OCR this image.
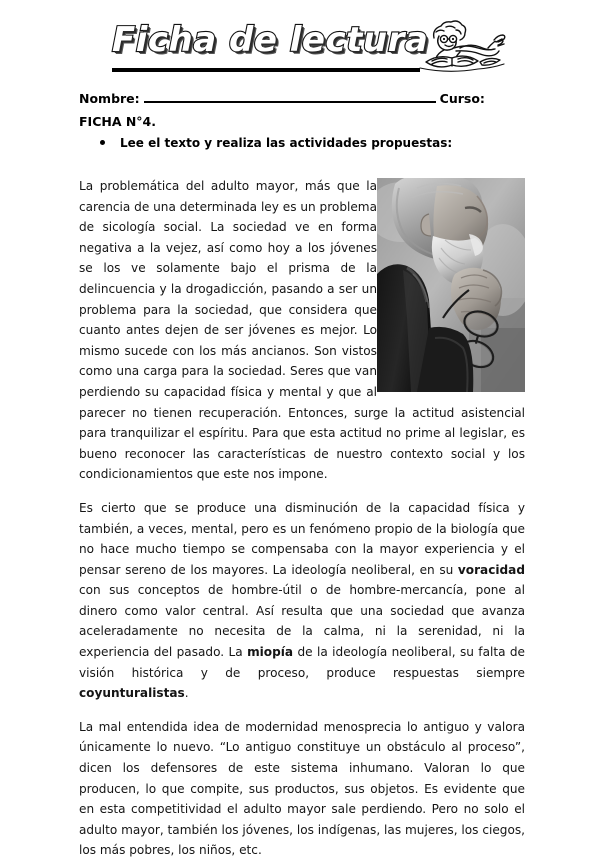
Ficha de lectura
Nombre:	Curso:
FICHA N°4.
Lee el texto y realiza las actividades propuestas:

La problemática del adulto mayor, más que la carencia de una determinada ley es un problema de sicología social. La sociedad ve en forma negativa a la vejez, así como hoy a los jóvenes se los ve solamente bajo el prisma de la delincuencia y la drogadicción, pasando a ser un problema para la sociedad, que considera que cuanto antes dejen de ser jóvenes es mejor. Lo mismo sucede con los más ancianos. Son vistos como una carga para la sociedad. Seres que van perdiendo su capacidad física y mental y que al parecer no tienen recuperación. Entonces, surge la actitud asistencial para tranquilizar el espíritu. Para que esta actitud no prime al legislar, es bueno reconocer las características de nuestro contexto social y los condicionamientos que este nos impone.

Es cierto que se produce una disminución de la capacidad física y también, a veces, mental, pero es un fenómeno propio de la biología que no hace mucho tiempo se compensaba con la mayor experiencia y el pensar sereno de los mayores. La ideología neoliberal, en su voracidad con sus conceptos de hombre-útil o de hombre-mercancía, pone al dinero como valor central. Así resulta que una sociedad que avanza aceleradamente no necesita de la calma, ni la serenidad, ni la experiencia del pasado. La miopía de la ideología neoliberal, su falta de visión histórica y de proceso, produce respuestas siempre coyunturalistas.

La mal entendida idea de modernidad menosprecia lo antiguo y valora únicamente lo nuevo. “Lo antiguo constituye un obstáculo al proceso”, dicen los defensores de este sistema inhumano. Valoran lo que producen, lo que compite, sus productos, sus objetos. Es evidente que en esta competitividad el adulto mayor sale perdiendo. Pero no solo el adulto mayor, también los jóvenes, los indígenas, las mujeres, los ciegos, los más pobres, los niños, etc.
